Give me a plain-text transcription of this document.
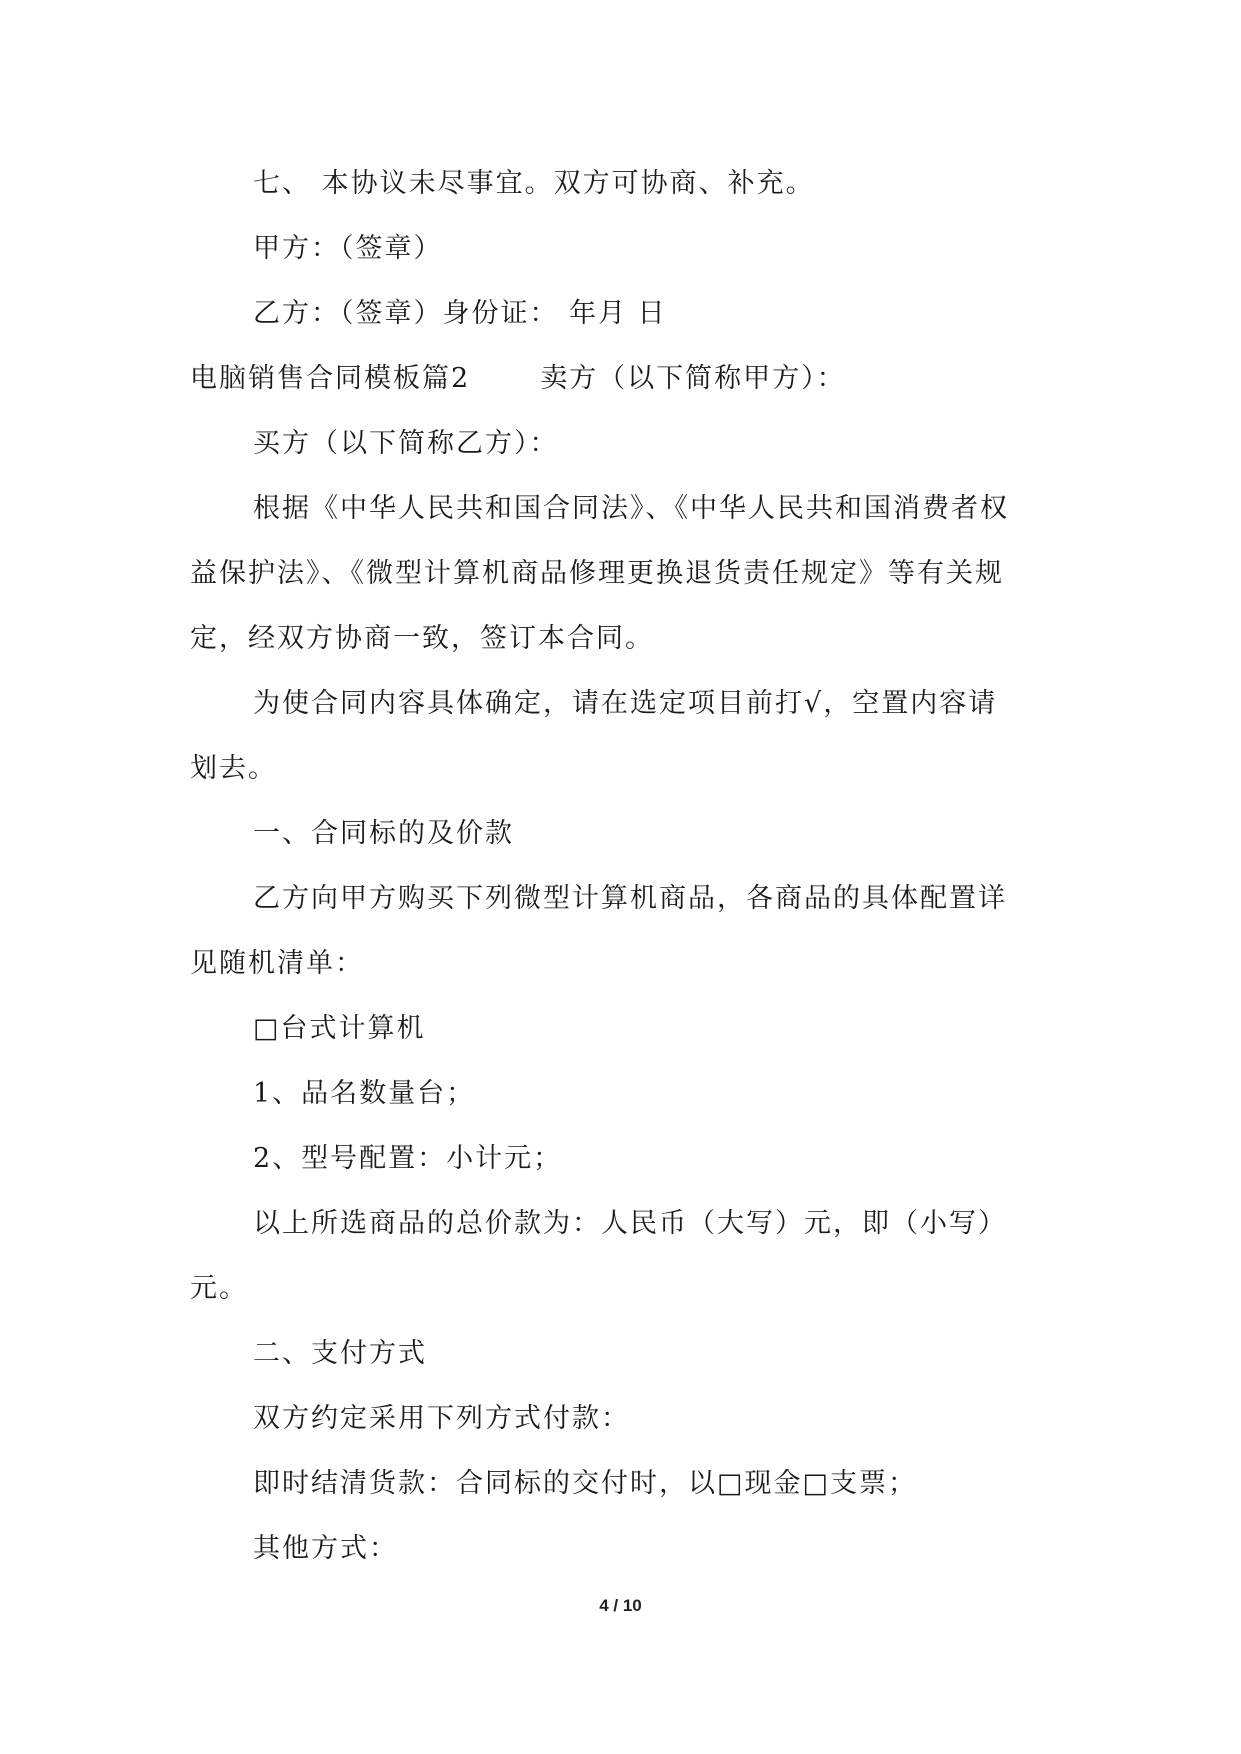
七、 本协议未尽事宜。双方可协商、补充。
甲方：（签章）
乙方：（签章）身份证： 年月 日
电脑销售合同模板篇2	卖方（以下简称甲方）：
买方（以下简称乙方）：
根据《中华人民共和国合同法》、《中华人民共和国消费者权
益保护法》、《微型计算机商品修理更换退货责任规定》等有关规
定，经双方协商一致，签订本合同。
为使合同内容具体确定，请在选定项目前打√，空置内容请
划去。
一、合同标的及价款
乙方向甲方购买下列微型计算机商品，各商品的具体配置详
见随机清单：
□台式计算机
1、品名数量台；
2、型号配置：小计元；
以上所选商品的总价款为：人民币（大写）元，即（小写）
元。
二、支付方式
双方约定采用下列方式付款：
即时结清货款：合同标的交付时，以□现金□支票；
其他方式：
4 / 10
